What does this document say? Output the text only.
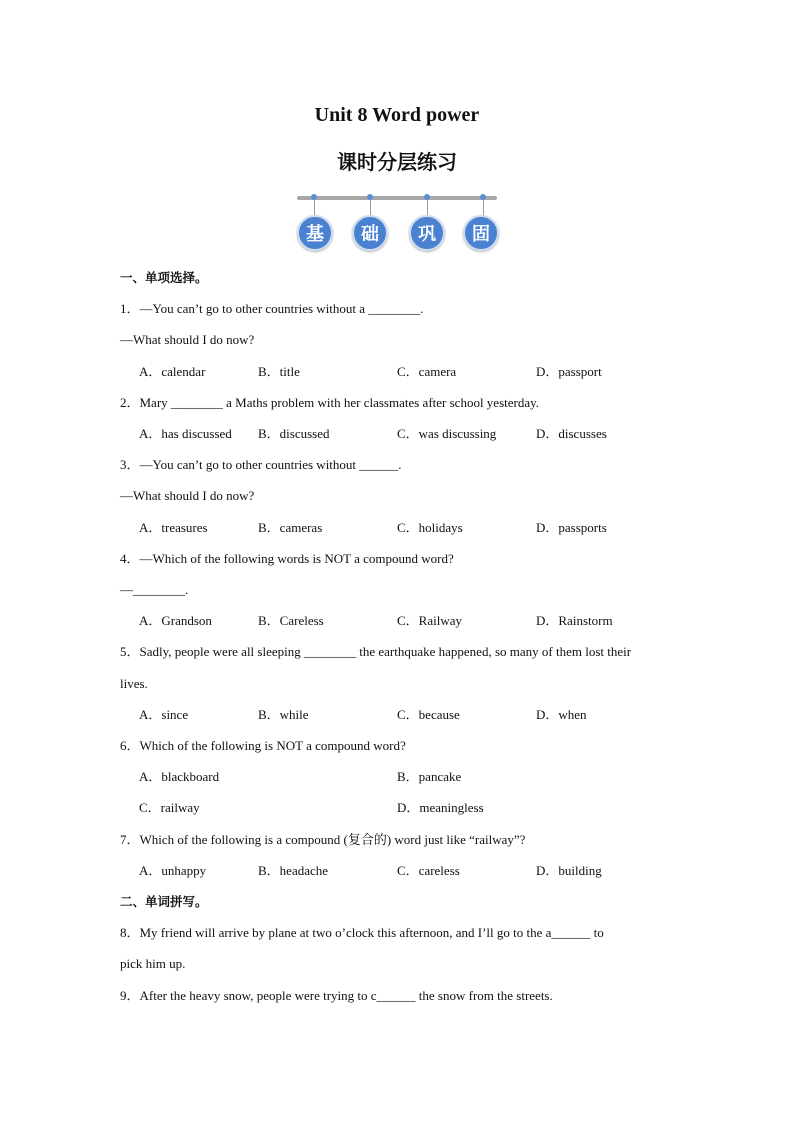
Unit 8 Word power
课时分层练习
基	础	巩	固
一、单项选择。
1．—You can’t go to other countries without a ________.
—What should I do now?
A．calendar	B．title	C．camera	D．passport
2．Mary ________ a Maths problem with her classmates after school yesterday.
A．has discussed B．discussed	C．was discussing	D．discusses
3．—You can’t go to other countries without ______.
—What should I do now?
A．treasures	B．cameras	C．holidays	D．passports
4．—Which of the following words is NOT a compound word?
—________.
A．Grandson	B．Careless	C．Railway	D．Rainstorm
5．Sadly, people were all sleeping ________ the earthquake happened, so many of them lost their
lives.
A．since	B．while	C．because	D．when
6．Which of the following is NOT a compound word?
A．blackboard	B．pancake
C．railway	D．meaningless
7．Which of the following is a compound (复合的) word just like “railway”?
A．unhappy	B．headache	C．careless	D．building
二、单词拼写。
8．My friend will arrive by plane at two o’clock this afternoon, and I’ll go to the a______ to
pick him up.
9．After the heavy snow, people were trying to c______ the snow from the streets.
